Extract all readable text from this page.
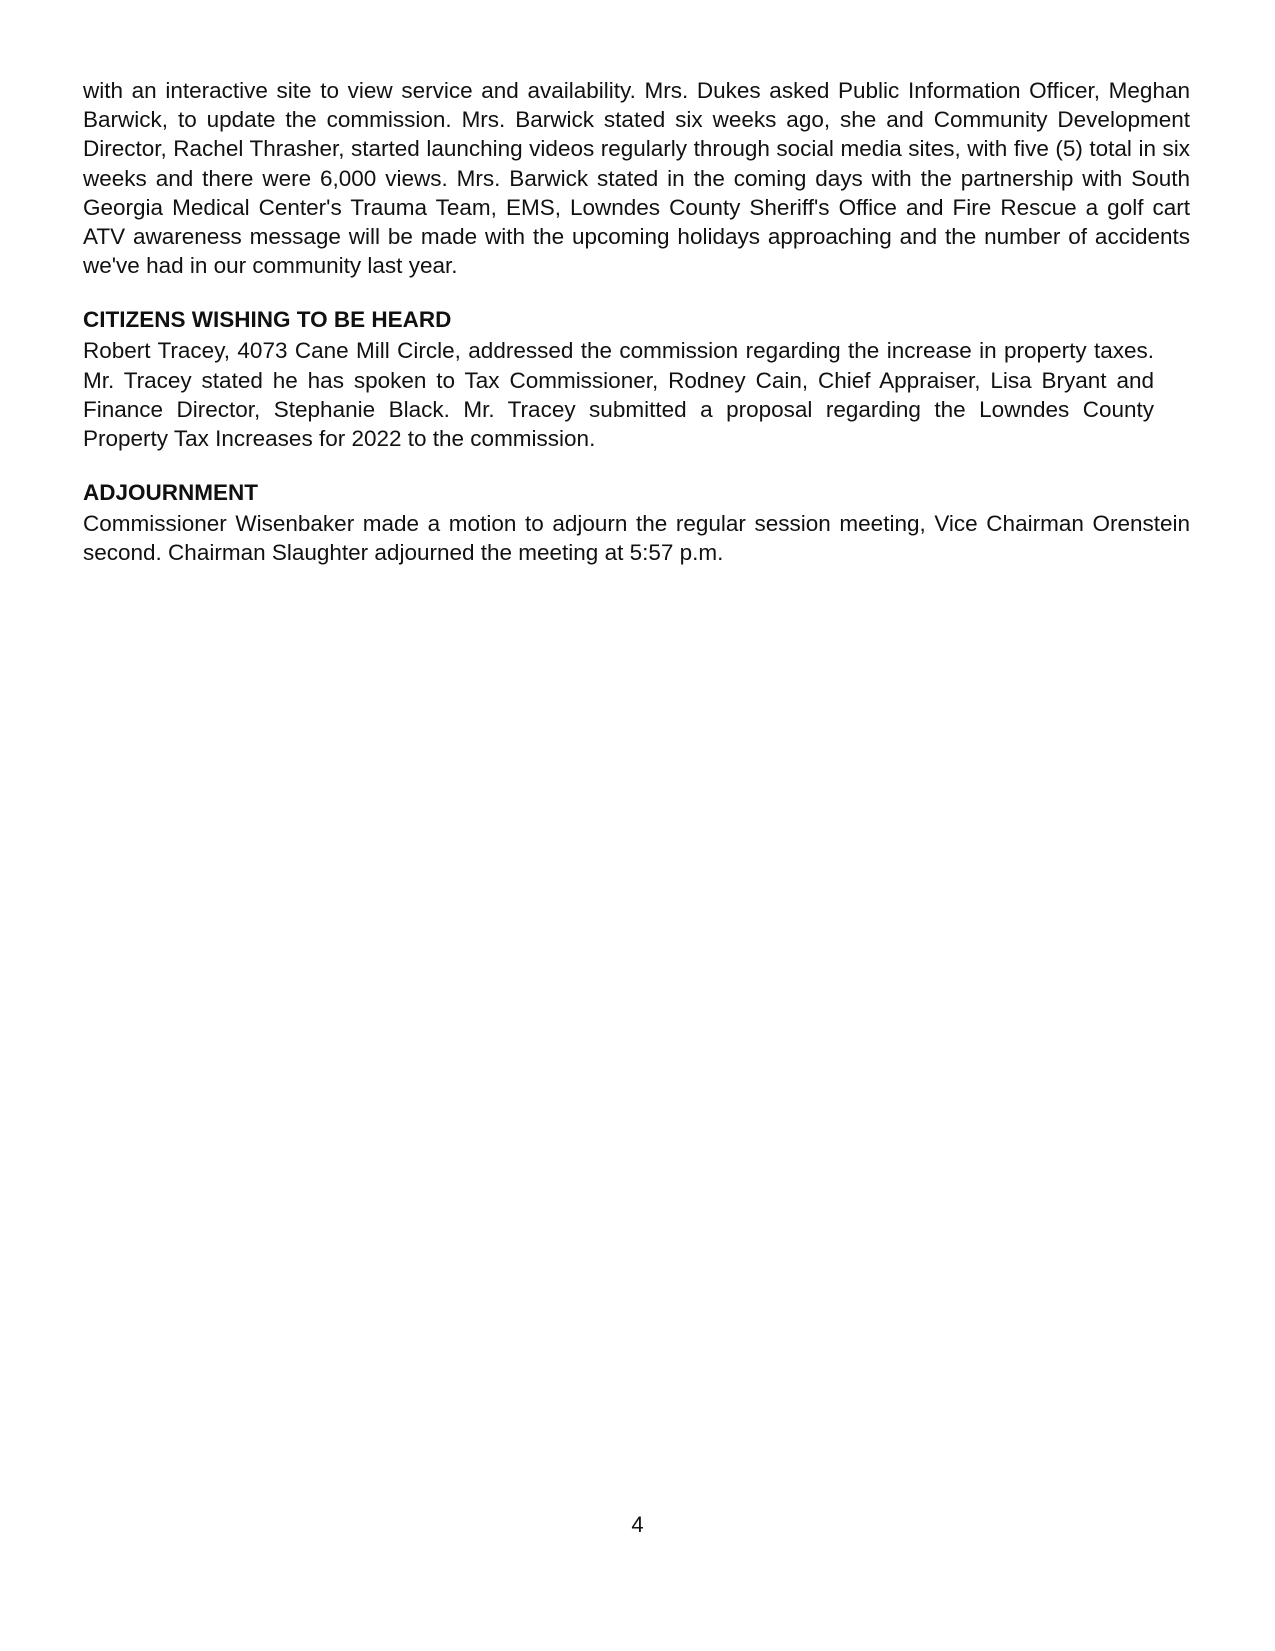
with an interactive site to view service and availability. Mrs. Dukes asked Public Information Officer, Meghan Barwick, to update the commission. Mrs. Barwick stated six weeks ago, she and Community Development Director, Rachel Thrasher, started launching videos regularly through social media sites, with five (5) total in six weeks and there were 6,000 views. Mrs. Barwick stated in the coming days with the partnership with South Georgia Medical Center's Trauma Team, EMS, Lowndes County Sheriff's Office and Fire Rescue a golf cart ATV awareness message will be made with the upcoming holidays approaching and the number of accidents we've had in our community last year.

CITIZENS WISHING TO BE HEARD

Robert Tracey, 4073 Cane Mill Circle, addressed the commission regarding the increase in property taxes. Mr. Tracey stated he has spoken to Tax Commissioner, Rodney Cain, Chief Appraiser, Lisa Bryant and Finance Director, Stephanie Black. Mr. Tracey submitted a proposal regarding the Lowndes County Property Tax Increases for 2022 to the commission.

ADJOURNMENT

Commissioner Wisenbaker made a motion to adjourn the regular session meeting, Vice Chairman Orenstein second. Chairman Slaughter adjourned the meeting at 5:57 p.m.

4
